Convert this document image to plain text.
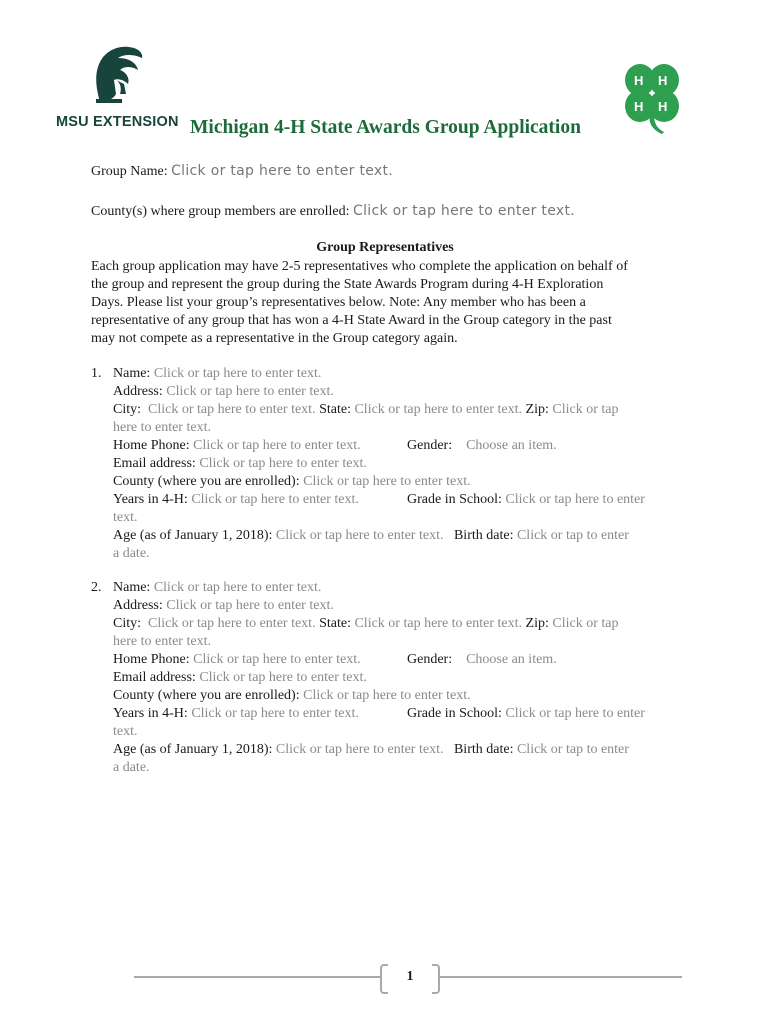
MSU EXTENSION Michigan 4-H State Awards Group Application
H H
H H
Group Name: Click or tap here to enter text.
County(s) where group members are enrolled: Click or tap here to enter text.
Group Representatives
Each group application may have 2-5 representatives who complete the application on behalf of
the group and represent the group during the State Awards Program during 4-H Exploration
Days. Please list your group’s representatives below. Note: Any member who has been a
representative of any group that has won a 4-H State Award in the Group category in the past
may not compete as a representative in the Group category again.
1. Name: Click or tap here to enter text.
Address: Click or tap here to enter text.
City: Click or tap here to enter text. State: Click or tap here to enter text. Zip: Click or tap
here to enter text.
Home Phone: Click or tap here to enter text.	Gender: Choose an item.
Email address: Click or tap here to enter text.
County (where you are enrolled): Click or tap here to enter text.
Years in 4-H: Click or tap here to enter text.	Grade in School: Click or tap here to enter
text.
Age (as of January 1, 2018): Click or tap here to enter text. Birth date: Click or tap to enter
a date.
2. Name: Click or tap here to enter text.
Address: Click or tap here to enter text.
City: Click or tap here to enter text. State: Click or tap here to enter text. Zip: Click or tap
here to enter text.
Home Phone: Click or tap here to enter text.	Gender: Choose an item.
Email address: Click or tap here to enter text.
County (where you are enrolled): Click or tap here to enter text.
Years in 4-H: Click or tap here to enter text.	Grade in School: Click or tap here to enter
text.
Age (as of January 1, 2018): Click or tap here to enter text. Birth date: Click or tap to enter
a date.
1
